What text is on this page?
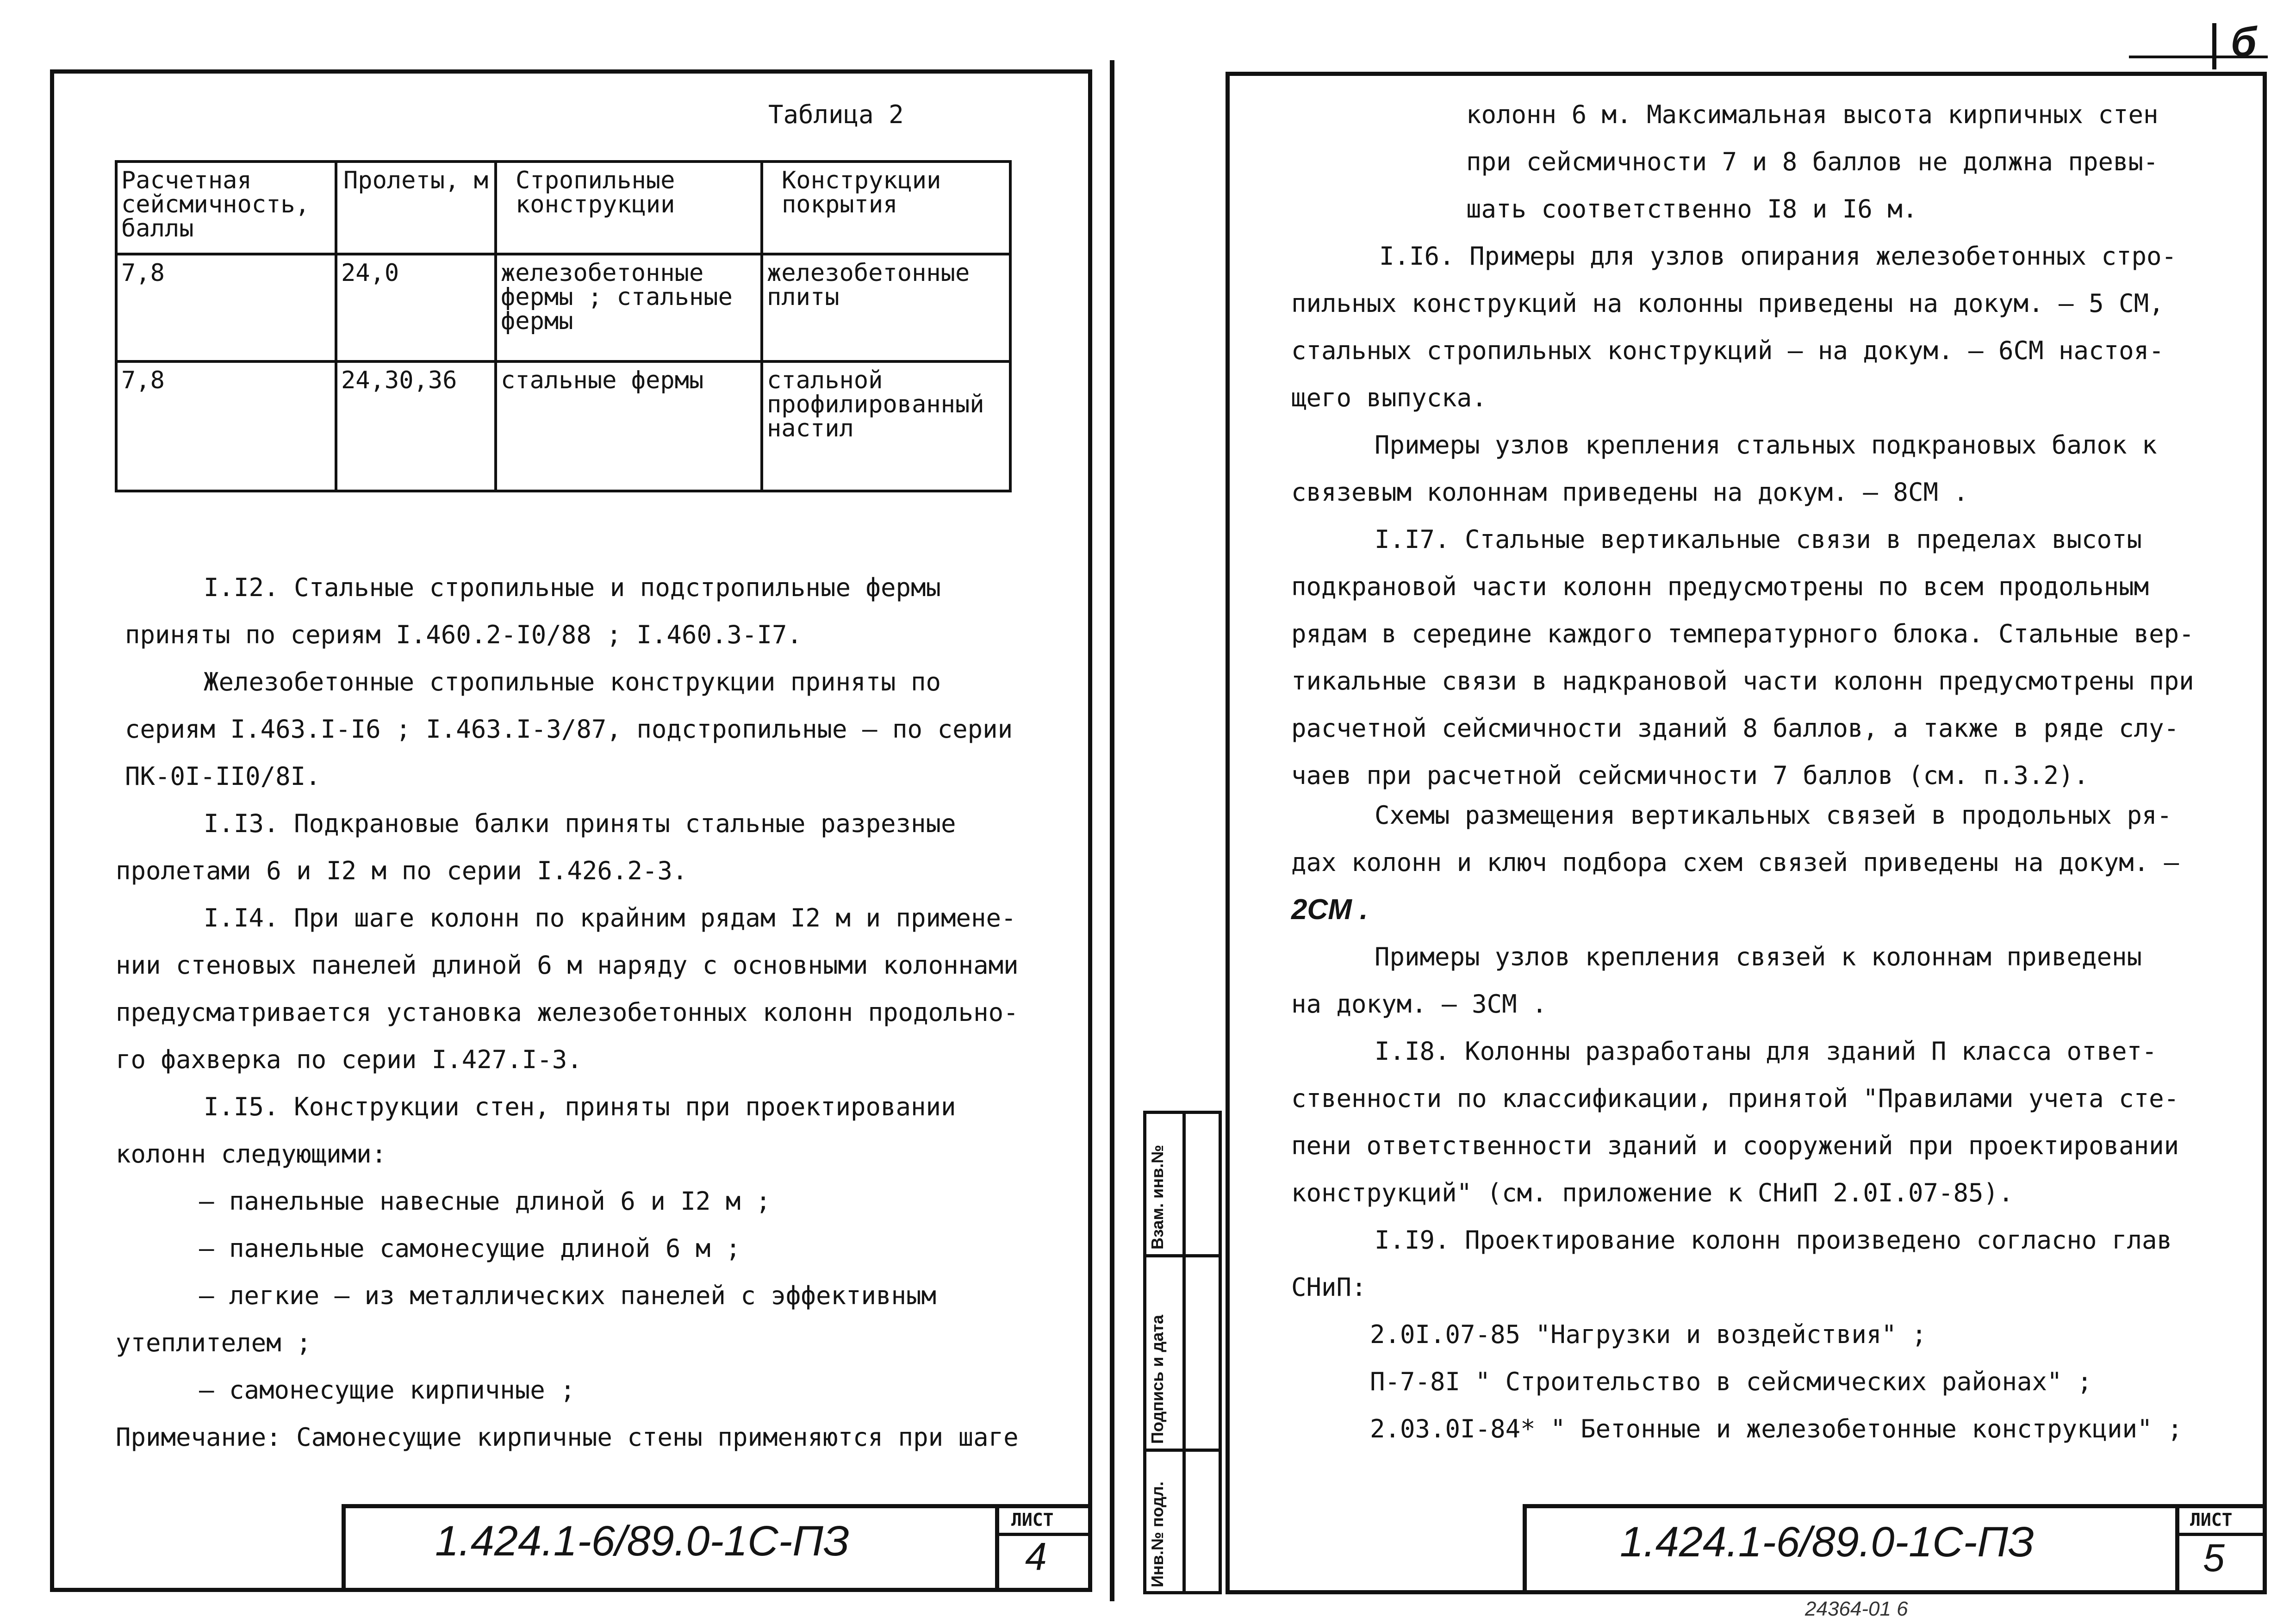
Таблица 2
Расчетная сейсмичность, баллы	Пролеты, м	Стропильные конструкции	Конструкции покрытия
7,8	24,0	железобетонные фермы ; стальные фермы	железобетонные плиты
7,8	24,30,36	стальные фермы	стальной профилированный настил
I.I2. Стальные стропильные и подстропильные фермы
приняты по сериям I.460.2-I0/88 ; I.460.3-I7.
Железобетонные стропильные конструкции приняты по
сериям I.463.I-I6 ; I.463.I-3/87, подстропильные – по серии
ПК-0I-II0/8I.
I.I3. Подкрановые балки приняты стальные разрезные
пролетами 6 и I2 м по серии I.426.2-3.
I.I4. При шаге колонн по крайним рядам I2 м и примене-
нии стеновых панелей длиной 6 м наряду с основными колоннами
предусматривается установка железобетонных колонн продольно-
го фахверка по серии I.427.I-3.
I.I5. Конструкции стен, приняты при проектировании
колонн следующими:
– панельные навесные длиной 6 и I2 м ;
– панельные самонесущие длиной 6 м ;
– легкие – из металлических панелей с эффективным
утеплителем ;
– самонесущие кирпичные ;
Примечание: Самонесущие кирпичные стены применяются при шаге
1.424.1-6/89.0-1С-ПЗ	ЛИСТ
4
б
Инв.№ подл.
Подпись и дата
Взам. инв.№
колонн 6 м. Максимальная высота кирпичных стен
при сейсмичности 7 и 8 баллов не должна превы-
шать соответственно I8 и I6 м.
I.I6. Примеры для узлов опирания железобетонных стро-
пильных конструкций на колонны приведены на докум. – 5 СМ,
стальных стропильных конструкций – на докум. – 6СМ настоя-
щего выпуска.
Примеры узлов крепления стальных подкрановых балок к
связевым колоннам приведены на докум. – 8СМ .
I.I7. Стальные вертикальные связи в пределах высоты
подкрановой части колонн предусмотрены по всем продольным
рядам в середине каждого температурного блока. Стальные вер-
тикальные связи в надкрановой части колонн предусмотрены при
расчетной сейсмичности зданий 8 баллов, а также в ряде слу-
чаев при расчетной сейсмичности 7 баллов (см. п.3.2).
Схемы размещения вертикальных связей в продольных ря-
дах колонн и ключ подбора схем связей приведены на докум. –
2СМ .
Примеры узлов крепления связей к колоннам приведены
на докум. – 3СМ .
I.I8. Колонны разработаны для зданий П класса ответ-
ственности по классификации, принятой "Правилами учета сте-
пени ответственности зданий и сооружений при проектировании
конструкций" (см. приложение к СНиП 2.0I.07-85).
I.I9. Проектирование колонн произведено согласно глав
СНиП:
2.0I.07-85 "Нагрузки и воздействия" ;
П-7-8I " Строительство в сейсмических районах" ;
2.03.0I-84* " Бетонные и железобетонные конструкции" ;
1.424.1-6/89.0-1С-ПЗ	ЛИСТ
5
24364-01 6
